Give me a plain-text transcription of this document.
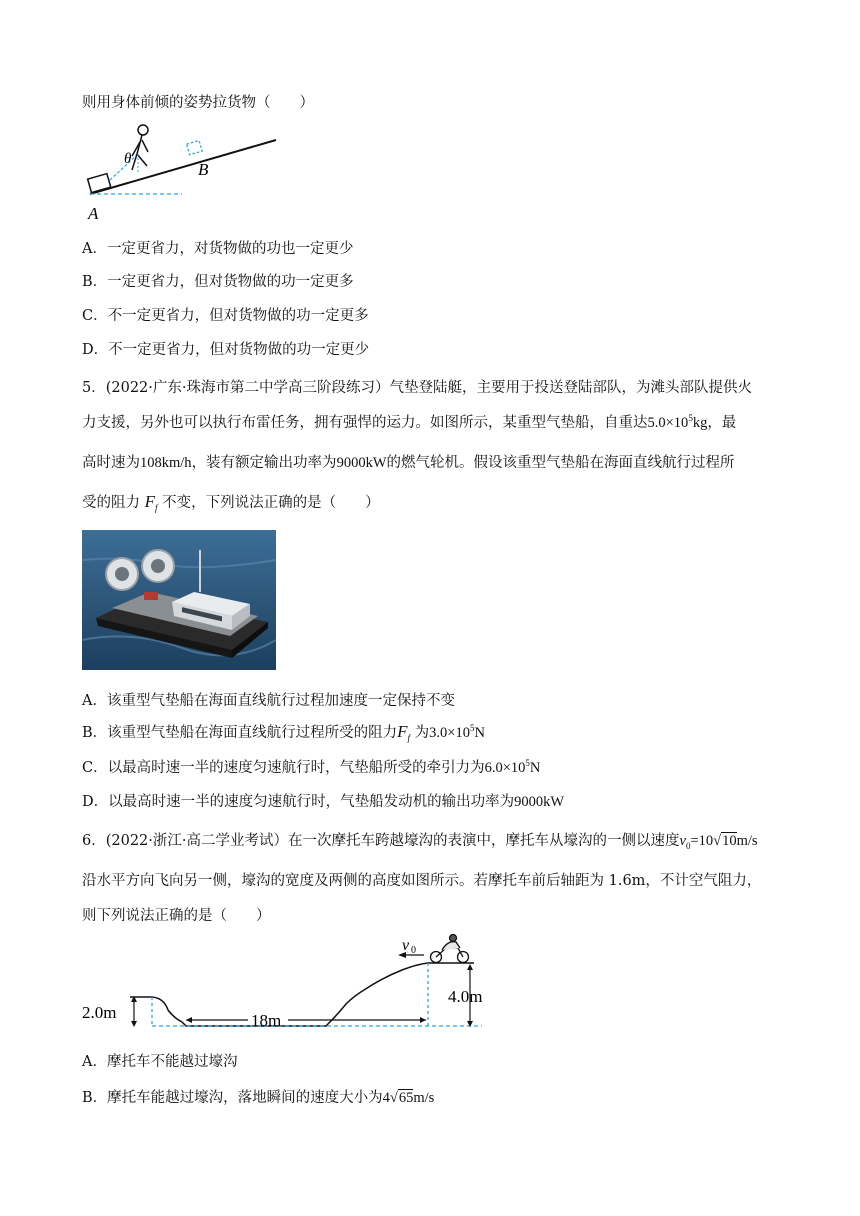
则用身体前倾的姿势拉货物（　　）
θ
B
A
A．一定更省力，对货物做的功也一定更少
B．一定更省力，但对货物做的功一定更多
C．不一定更省力，但对货物做的功一定更多
D．不一定更省力，但对货物做的功一定更少
5．(2022·广东·珠海市第二中学高三阶段练习）气垫登陆艇，主要用于投送登陆部队，为滩头部队提供火
力支援，另外也可以执行布雷任务，拥有强悍的运力。如图所示，某重型气垫船，自重达$5.0\times 10^5kg$，最
高时速为108km/h，装有额定输出功率为9000kW的燃气轮机。假设该重型气垫船在海面直线航行过程所
受的阻力 $F_f$ 不变，下列说法正确的是（　　）
A．该重型气垫船在海面直线航行过程加速度一定保持不变
B．该重型气垫船在海面直线航行过程所受的阻力$F_f$ 为$3.0\times 10^5N$
C．以最高时速一半的速度匀速航行时，气垫船所受的牵引力为$6.0\times 10^5N$
D．以最高时速一半的速度匀速航行时，气垫船发动机的输出功率为9000kW
6．(2022·浙江·高二学业考试）在一次摩托车跨越壕沟的表演中，摩托车从壕沟的一侧以速度$v_0=10√10m/s$
沿水平方向飞向另一侧，壕沟的宽度及两侧的高度如图所示。若摩托车前后轴距为 1.6m，不计空气阻力，
则下列说法正确的是（　　）
2.0m	18m
4.0m
v 0
A．摩托车不能越过壕沟
B．摩托车能越过壕沟，落地瞬间的速度大小为4√65m/s
